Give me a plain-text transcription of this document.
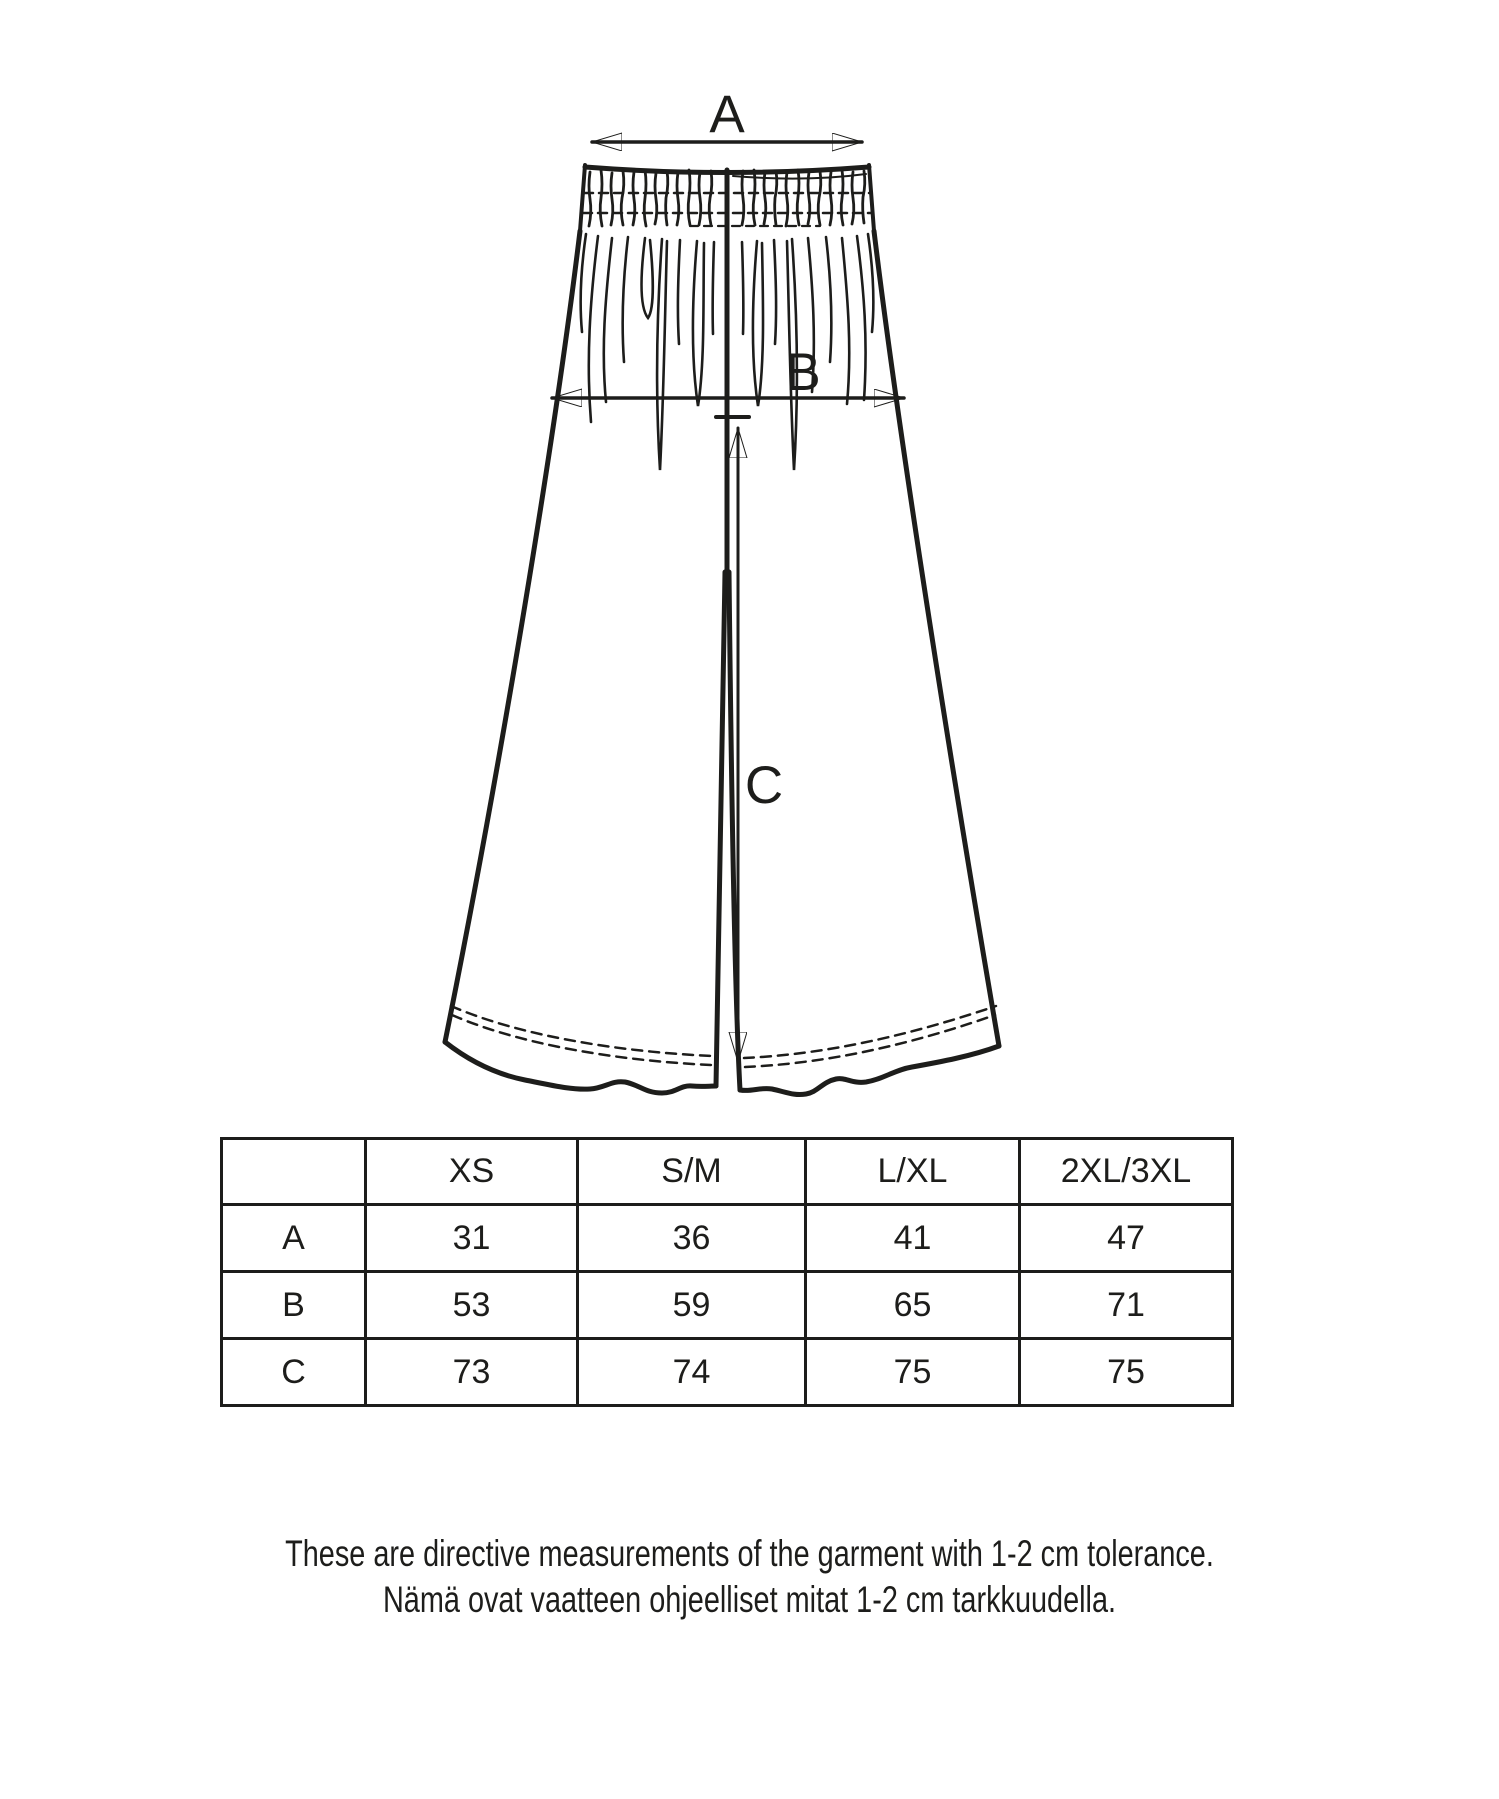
A
B
C
	XS	S/M	L/XL	2XL/3XL
A	31	36	41	47
B	53	59	65	71
C	73	74	75	75
These are directive measurements of the garment with 1-2 cm tolerance.
Nämä ovat vaatteen ohjeelliset mitat 1-2 cm tarkkuudella.
